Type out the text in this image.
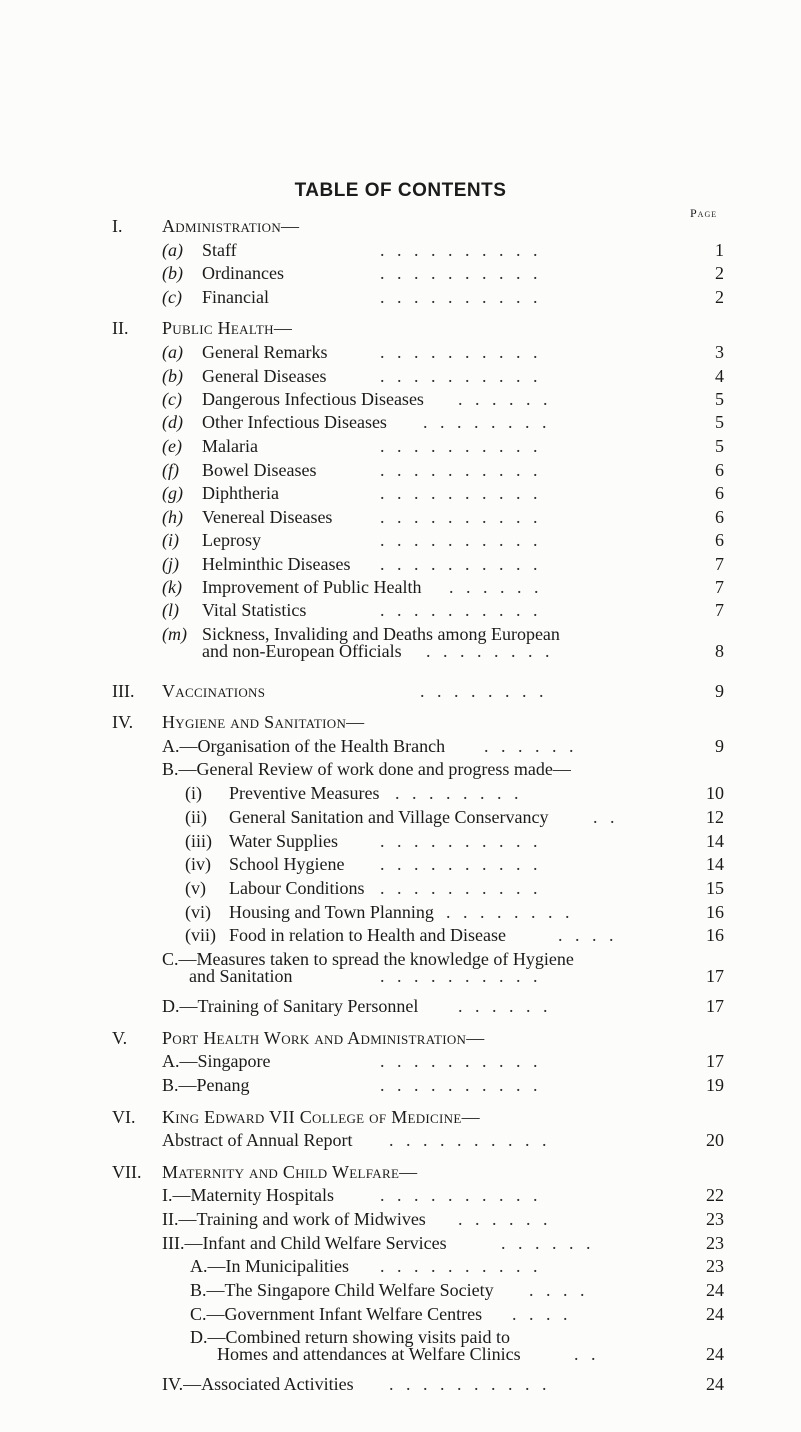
TABLE OF CONTENTS
Page
I. Administration—
(a) Staff	. . . . . . . . . .	1
(b) Ordinances	. . . . . . . . . .	2
(c) Financial	. . . . . . . . . .	2
II. Public Health—
(a) General Remarks	. . . . . . . . . .	3
(b) General Diseases	. . . . . . . . . .	4
(c) Dangerous Infectious Diseases . . . . . .	5
(d) Other Infectious Diseases . . . . . . . .	5
(e) Malaria	. . . . . . . . . .	5
(f) Bowel Diseases	. . . . . . . . . .	6
(g) Diphtheria	. . . . . . . . . .	6
(h) Venereal Diseases	. . . . . . . . . .	6
(i) Leprosy	. . . . . . . . . .	6
(j) Helminthic Diseases . . . . . . . . . .	7
(k) Improvement of Public Health . . . . . .	7
(l) Vital Statistics	. . . . . . . . . .	7
(m) Sickness, Invaliding and Deaths among European
and non-European Officials . . . . . . . .	8
III. Vaccinations	. . . . . . . .	9
IV. Hygiene and Sanitation—
A.—Organisation of the Health Branch . . . . . .	9
B.—General Review of work done and progress made—
(i) Preventive Measures . . . . . . . .	10
(ii) General Sanitation and Village Conservancy . .	12
(iii) Water Supplies . . . . . . . . . .	14
(iv) School Hygiene . . . . . . . . . .	14
(v) Labour Conditions . . . . . . . . . .	15
(vi) Housing and Town Planning . . . . . . . .	16
(vii) Food in relation to Health and Disease	. . . .	16
C.—Measures taken to spread the knowledge of Hygiene
and Sanitation	. . . . . . . . . .	17
D.—Training of Sanitary Personnel . . . . . .	17
V. Port Health Work and Administration—
A.—Singapore	. . . . . . . . . .	17
B.—Penang	. . . . . . . . . .	19
VI. King Edward VII College of Medicine—
Abstract of Annual Report . . . . . . . . . .	20
VII. Maternity and Child Welfare—
I.—Maternity Hospitals	. . . . . . . . . .	22
II.—Training and work of Midwives . . . . . .	23
III.—Infant and Child Welfare Services	. . . . . .	23
A.—In Municipalities . . . . . . . . . .	23
B.—The Singapore Child Welfare Society . . . .	24
C.—Government Infant Welfare Centres . . . .	24
D.—Combined return showing visits paid to
Homes and attendances at Welfare Clinics	. .	24
IV.—Associated Activities . . . . . . . . . .	24
